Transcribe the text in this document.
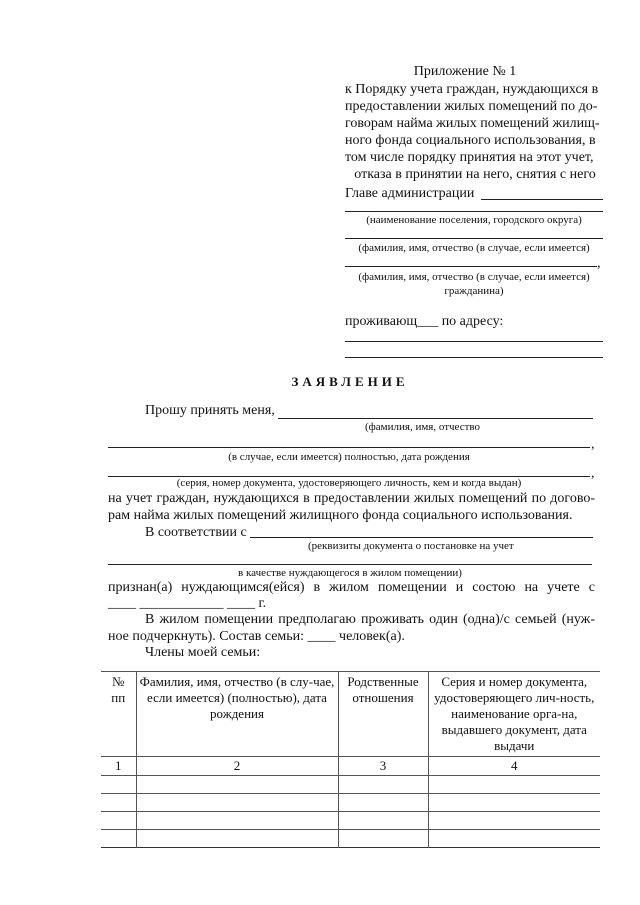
Приложение № 1
к Порядку учета граждан, нуждающихся в
предоставлении жилых помещений по до-
говорам найма жилых помещений жилищ-
ного фонда социального использования, в
том числе порядку принятия на этот учет,
отказа в принятии на него, снятия с него
Главе администрации
(наименование поселения, городского округа)
(фамилия, имя, отчество (в случае, если имеется)
,
(фамилия, имя, отчество (в случае, если имеется)
гражданина)
проживающ___ по адресу:
ЗАЯВЛЕНИЕ
Прошу принять меня,
(фамилия, имя, отчество
,
(в случае, если имеется) полностью, дата рождения
,
(серия, номер документа, удостоверяющего личность, кем и когда выдан)
на учет граждан, нуждающихся в предоставлении жилых помещений по догово-
рам найма жилых помещений жилищного фонда социального использования.
В соответствии с
(реквизиты документа о постановке на учет
в качестве нуждающегося в жилом помещении)
признан(а) нуждающимся(ейся) в жилом помещении и состою на учете с
____ ____________ ____ г.
В жилом помещении предполагаю проживать один (одна)/с семьей (нуж-
ное подчеркнуть). Состав семьи: ____ человек(а).
Члены моей семьи:
№ пп	Фамилия, имя, отчество (в слу-чае, если имеется) (полностью), дата рождения	Родственные отношения	Серия и номер документа, удостоверяющего лич-ность, наименование орга-на, выдавшего документ, дата выдачи
1	2	3	4
